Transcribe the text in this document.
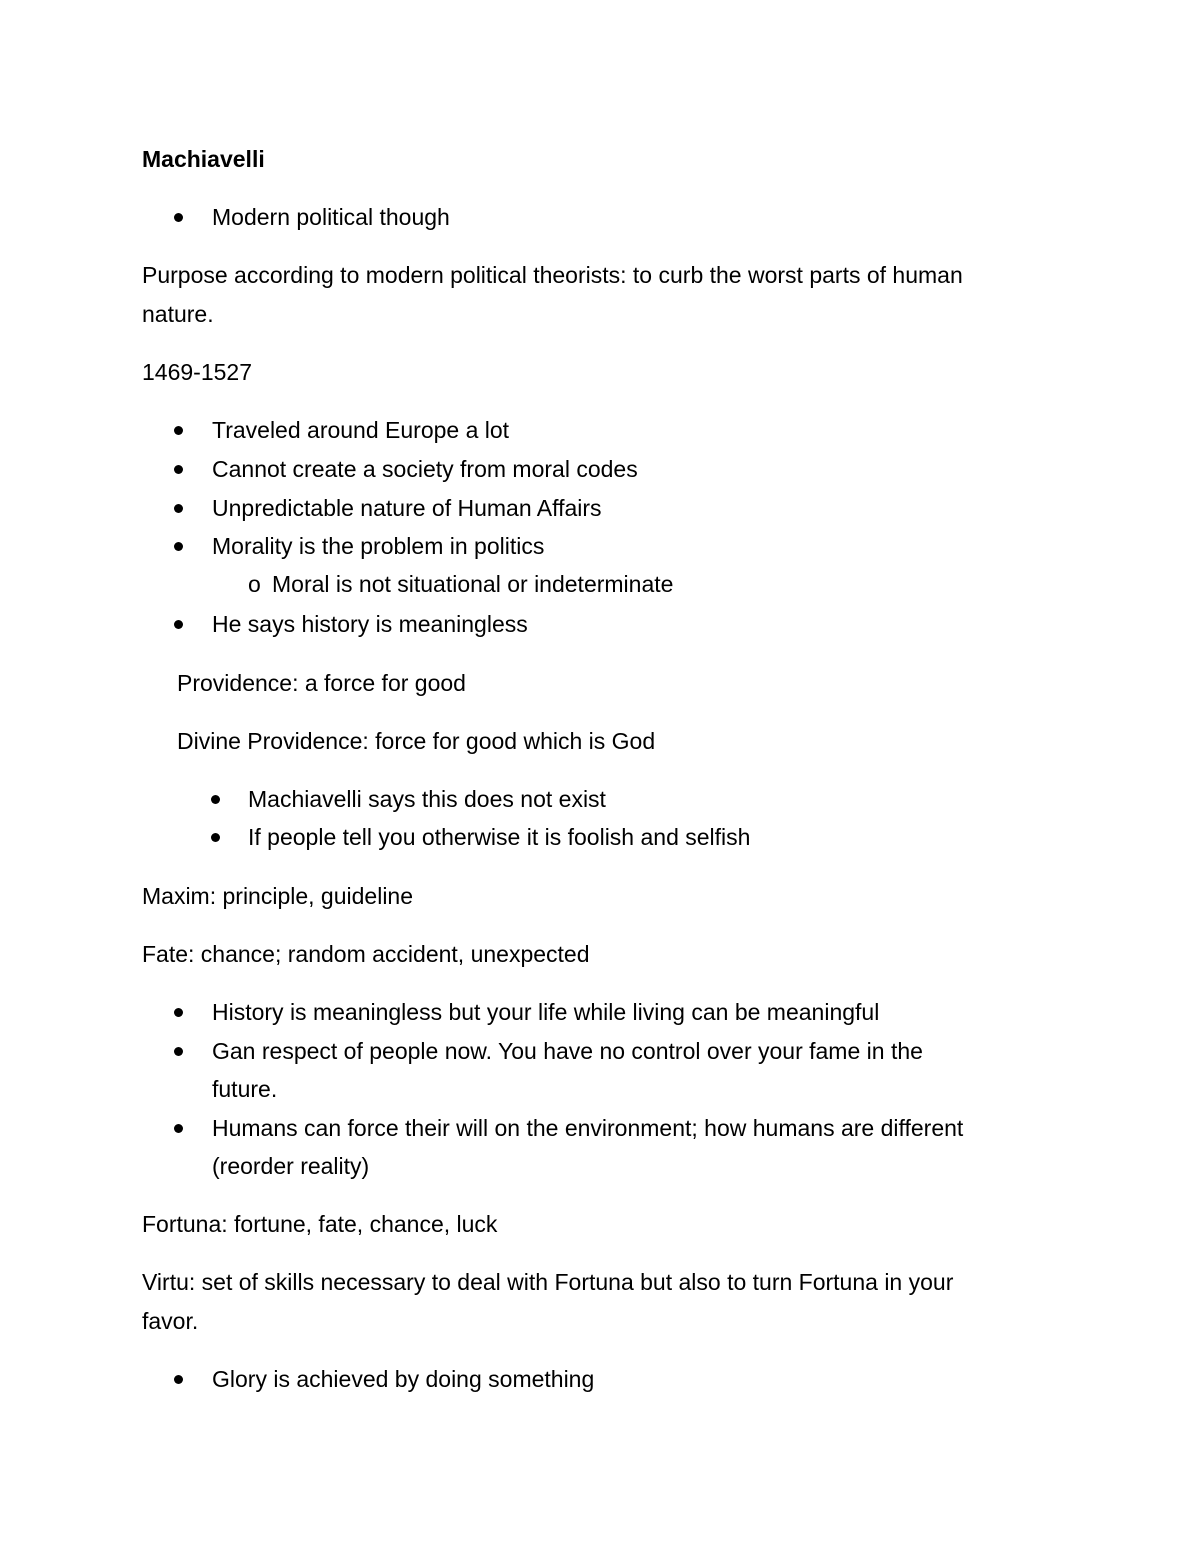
Machiavelli
Modern political though
Purpose according to modern political theorists: to curb the worst parts of human
nature.
1469-1527
Traveled around Europe a lot
Cannot create a society from moral codes
Unpredictable nature of Human Affairs
Morality is the problem in politics
o Moral is not situational or indeterminate
He says history is meaningless
Providence: a force for good
Divine Providence: force for good which is God
Machiavelli says this does not exist
If people tell you otherwise it is foolish and selfish
Maxim: principle, guideline
Fate: chance; random accident, unexpected
History is meaningless but your life while living can be meaningful
Gan respect of people now. You have no control over your fame in the
future.
Humans can force their will on the environment; how humans are different
(reorder reality)
Fortuna: fortune, fate, chance, luck
Virtu: set of skills necessary to deal with Fortuna but also to turn Fortuna in your
favor.
Glory is achieved by doing something
